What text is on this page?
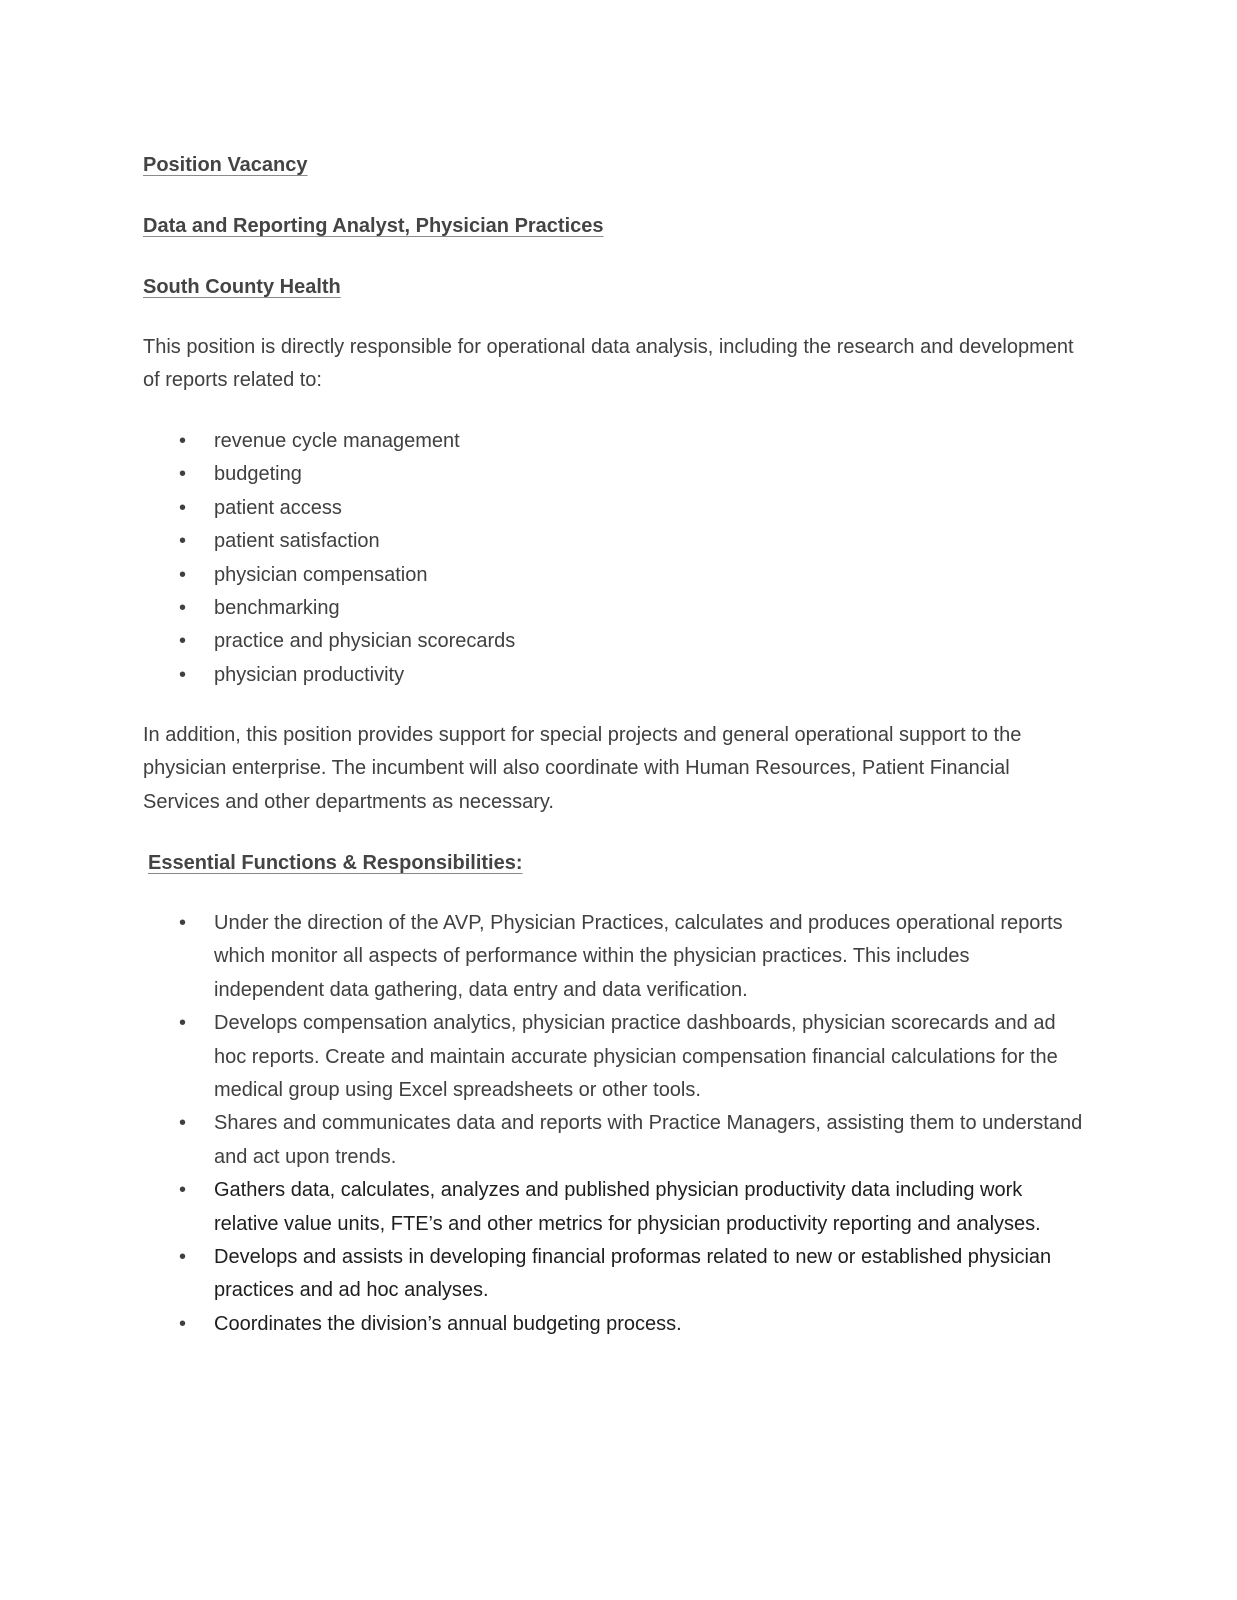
Position Vacancy
Data and Reporting Analyst, Physician Practices
South County Health

This position is directly responsible for operational data analysis, including the research and development of reports related to:

• revenue cycle management
• budgeting
• patient access
• patient satisfaction
• physician compensation
• benchmarking
• practice and physician scorecards
• physician productivity

In addition, this position provides support for special projects and general operational support to the physician enterprise. The incumbent will also coordinate with Human Resources, Patient Financial Services and other departments as necessary.

Essential Functions & Responsibilities:
• Under the direction of the AVP, Physician Practices, calculates and produces operational reports which monitor all aspects of performance within the physician practices. This includes independent data gathering, data entry and data verification.
• Develops compensation analytics, physician practice dashboards, physician scorecards and ad hoc reports. Create and maintain accurate physician compensation financial calculations for the medical group using Excel spreadsheets or other tools.
• Shares and communicates data and reports with Practice Managers, assisting them to understand and act upon trends.
• Gathers data, calculates, analyzes and published physician productivity data including work relative value units, FTE’s and other metrics for physician productivity reporting and analyses.
• Develops and assists in developing financial proformas related to new or established physician practices and ad hoc analyses.
• Coordinates the division’s annual budgeting process.
